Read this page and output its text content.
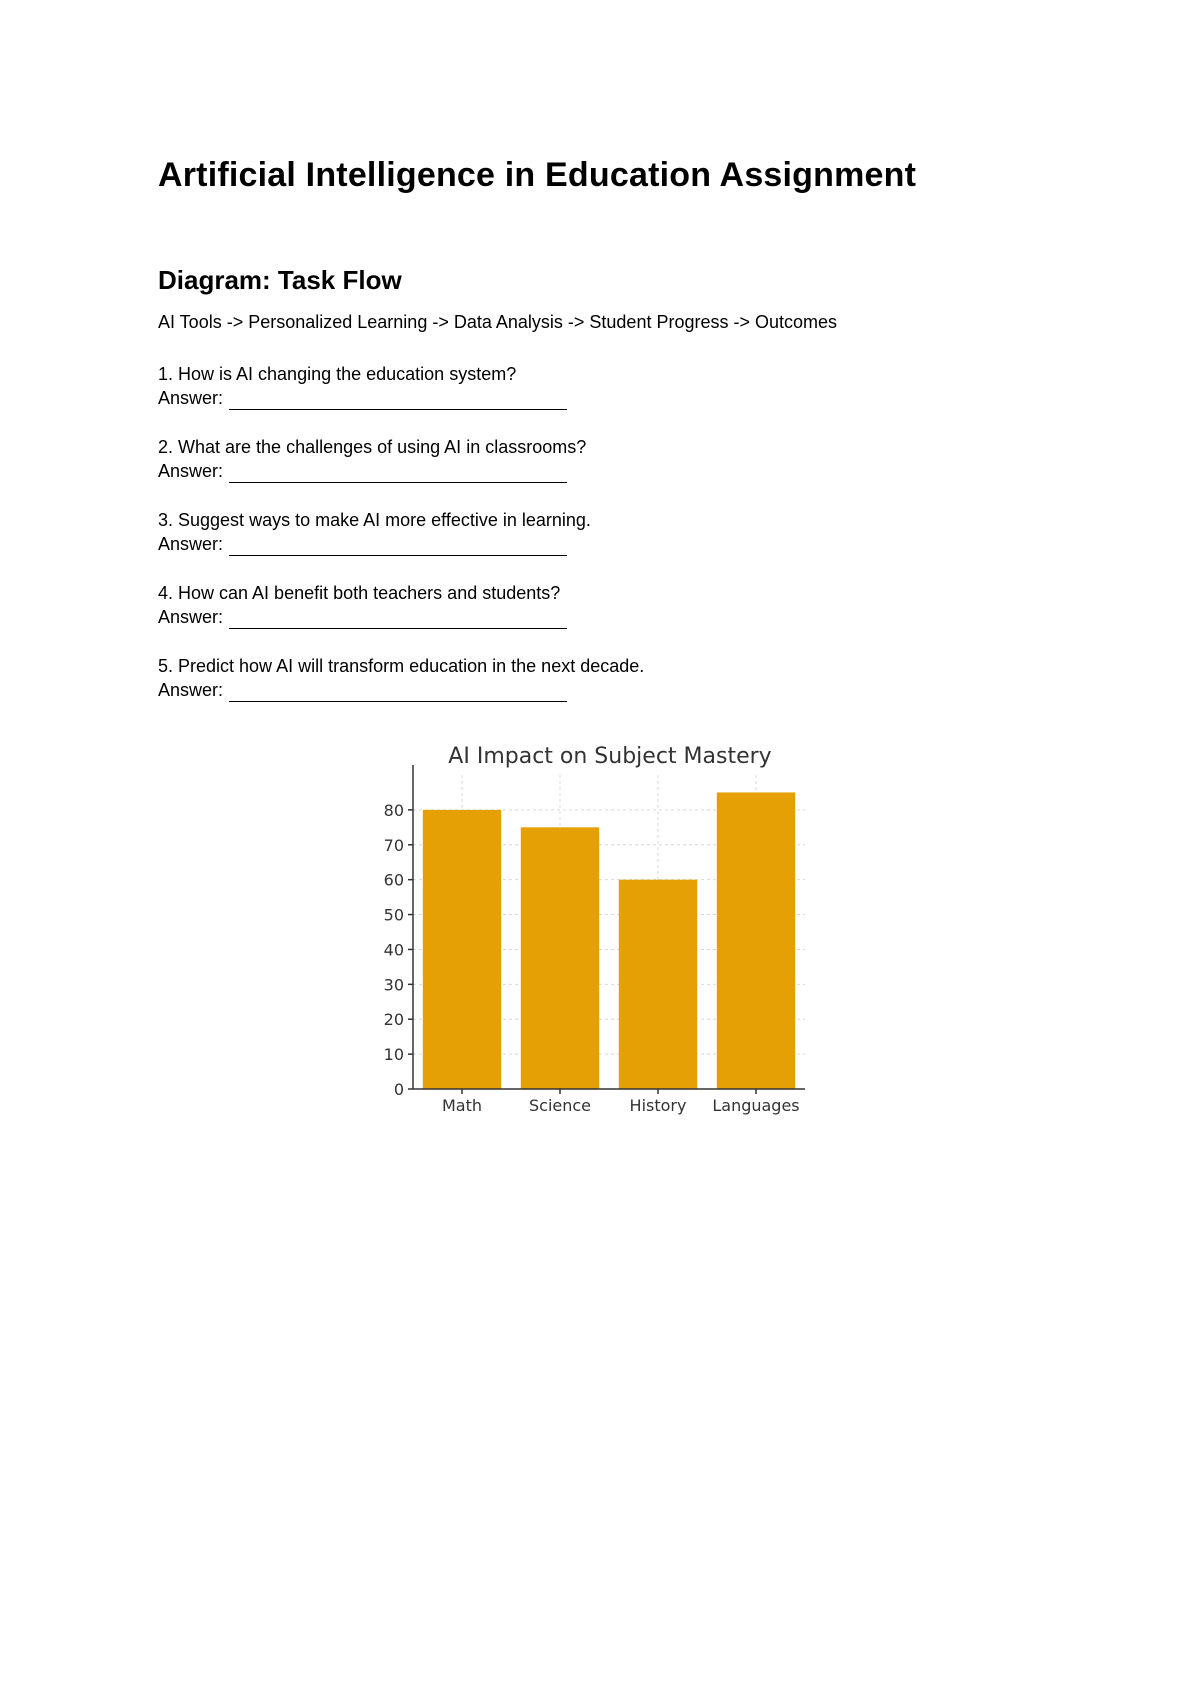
Artificial Intelligence in Education Assignment
Diagram: Task Flow

AI Tools -> Personalized Learning -> Data Analysis -> Student Progress -> Outcomes

1. How is AI changing the education system?
Answer:
2. What are the challenges of using AI in classrooms?
Answer:
3. Suggest ways to make AI more effective in learning.
Answer:
4. How can AI benefit both teachers and students?
Answer:
5. Predict how AI will transform education in the next decade.
Answer:
AI Impact on Subject Mastery
0
10
20
30
40
50
60
70
80
Math	Science History Languages
